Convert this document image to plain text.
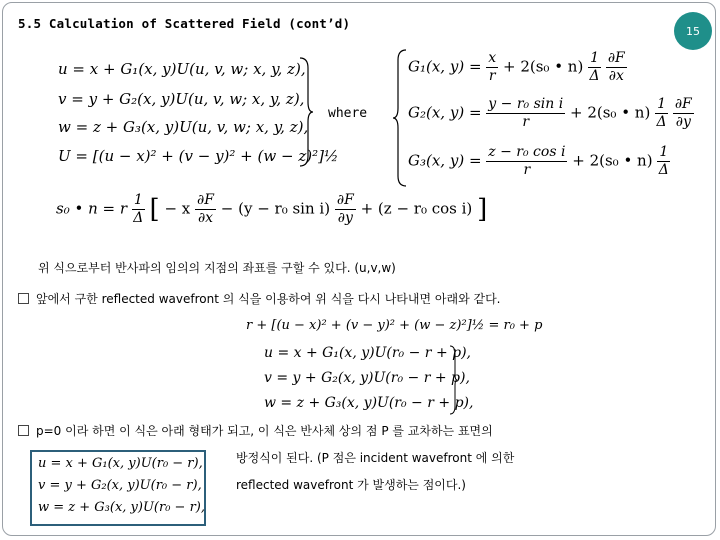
5.5 Calculation of Scattered Field (cont’d)	15
u = x + G₁(x, y)U(u, v, w; x, y, z),
v = y + G₂(x, y)U(u, v, w; x, y, z),
w = z + G₃(x, y)U(u, v, w; x, y, z),
U = [(u − x)² + (v − y)² + (w − z)²]½
where
G₁(x, $y) = \frac{x}{r} + 2(s_0$ • $n) \frac{1}{\Delta}$
$\frac{\partial F}{\partial x}$
G₂(x, $y) = \frac{\text{y − r₀ sin i}}{r} + 2(s_0$ • $n) \frac{1}{\Delta}$
$\frac{\partial F}{\partial y}$
G₃(x, $y) = \frac{\text{z − r₀ cos i}}{r} + 2(s_0$ • $n) \frac{1}{\Delta}$
s₀ • n = r $\frac{1}{\Delta}$ [ − x $\frac{\partial F}{\partial x} - (y - r_0$ $\sin i) \frac{\partial F}{\partial y} + (z - r_0$ cos i) ]
위 식으로부터 반사파의 임의의 지점의 좌표를 구할 수 있다. (u,v,w)
앞에서 구한 reflected wavefront 의 식을 이용하여 위 식을 다시 나타내면 아래와 같다.
r + [(u − x)² + (v − y)² + (w − z)²]½ = r₀ + p
u = x + G₁(x, y)U(r₀ − r + p),
v = y + G₂(x, y)U(r₀ − r + p),
w = z + G₃(x, y)U(r₀ − r + p),
p=0 이라 하면 이 식은 아래 형태가 되고, 이 식은 반사체 상의 점 P 를 교차하는 표면의
방정식이 된다. (P 점은 incident wavefront 에 의한
reflected wavefront 가 발생하는 점이다.)
u = x + G₁(x, y)U(r₀ − r),
v = y + G₂(x, y)U(r₀ − r),
w = z + G₃(x, y)U(r₀ − r),
